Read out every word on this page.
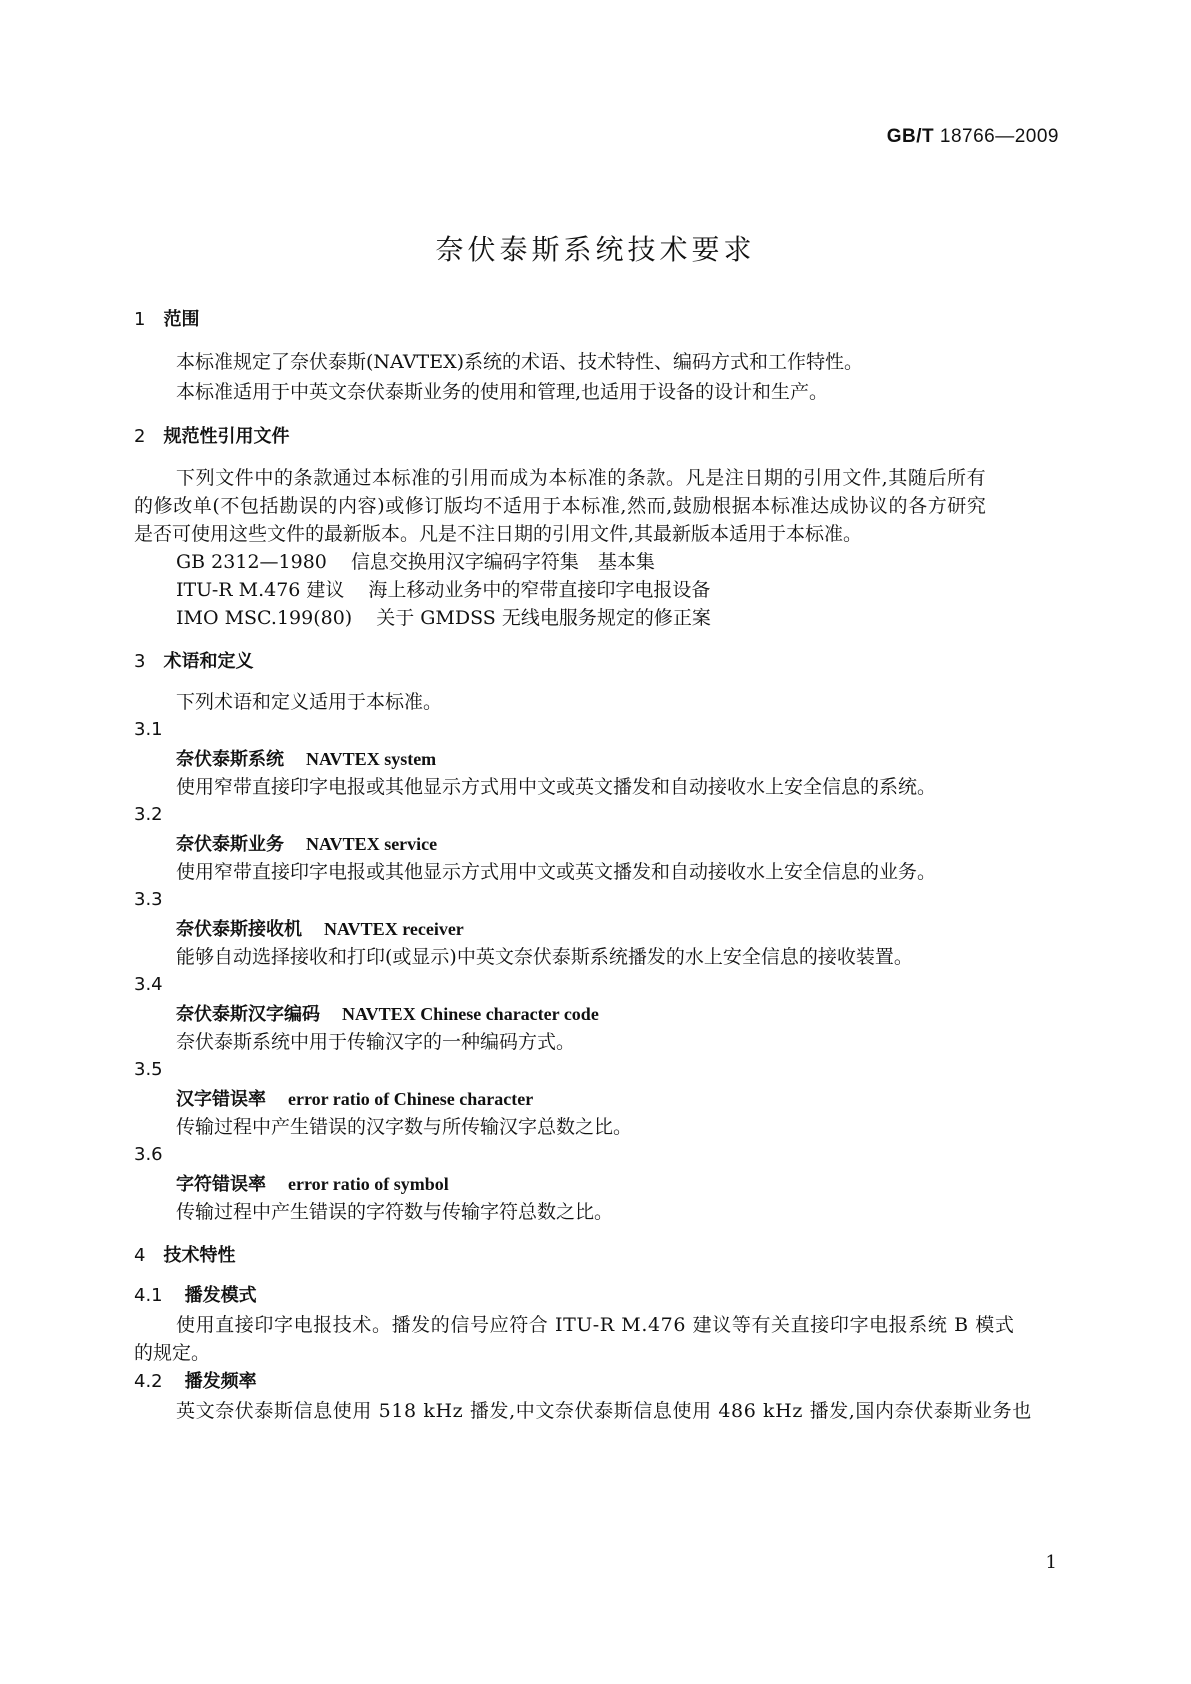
GB/T 18766—2009
奈伏泰斯系统技术要求
1 范围
本标准规定了奈伏泰斯(NAVTEX)系统的术语、技术特性、编码方式和工作特性。
本标准适用于中英文奈伏泰斯业务的使用和管理,也适用于设备的设计和生产。
2 规范性引用文件
下列文件中的条款通过本标准的引用而成为本标准的条款。凡是注日期的引用文件,其随后所有
的修改单(不包括勘误的内容)或修订版均不适用于本标准,然而,鼓励根据本标准达成协议的各方研究
是否可使用这些文件的最新版本。凡是不注日期的引用文件,其最新版本适用于本标准。
GB 2312—1980 信息交换用汉字编码字符集　基本集
ITU-R M.476 建议 海上移动业务中的窄带直接印字电报设备
IMO MSC.199(80) 关于 GMDSS 无线电服务规定的修正案
3 术语和定义
下列术语和定义适用于本标准。
3.1
奈伏泰斯系统 NAVTEX system
使用窄带直接印字电报或其他显示方式用中文或英文播发和自动接收水上安全信息的系统。
3.2
奈伏泰斯业务 NAVTEX service
使用窄带直接印字电报或其他显示方式用中文或英文播发和自动接收水上安全信息的业务。
3.3
奈伏泰斯接收机 NAVTEX receiver
能够自动选择接收和打印(或显示)中英文奈伏泰斯系统播发的水上安全信息的接收装置。
3.4
奈伏泰斯汉字编码 NAVTEX Chinese character code
奈伏泰斯系统中用于传输汉字的一种编码方式。
3.5
汉字错误率 error ratio of Chinese character
传输过程中产生错误的汉字数与所传输汉字总数之比。
3.6
字符错误率 error ratio of symbol
传输过程中产生错误的字符数与传输字符总数之比。
4 技术特性
4.1 播发模式
使用直接印字电报技术。播发的信号应符合 ITU-R M.476 建议等有关直接印字电报系统 B 模式
的规定。
4.2 播发频率
英文奈伏泰斯信息使用 518 kHz 播发,中文奈伏泰斯信息使用 486 kHz 播发,国内奈伏泰斯业务也
1
